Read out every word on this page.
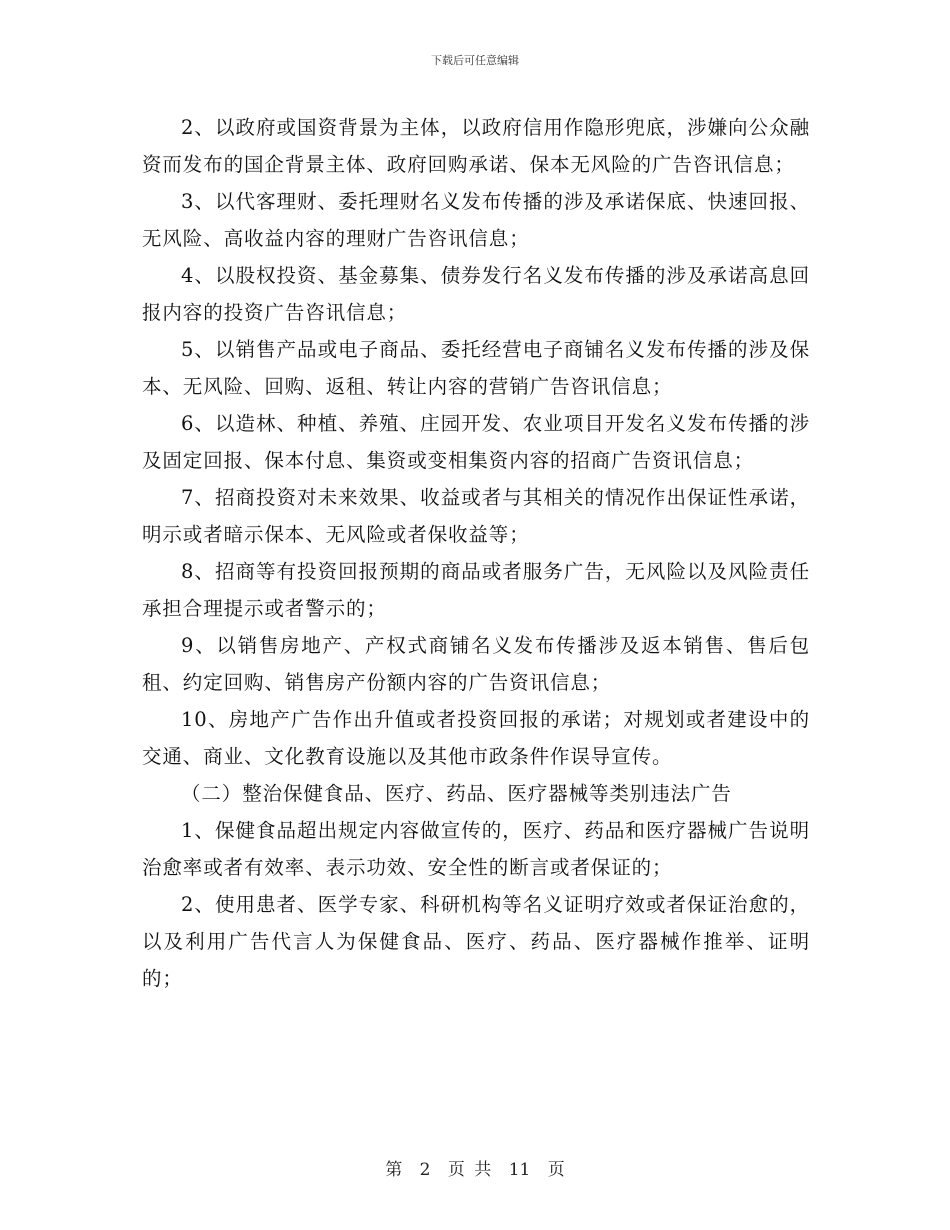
下载后可任意编辑

2、以政府或国资背景为主体，以政府信用作隐形兜底，涉嫌向公众融资而发布的国企背景主体、政府回购承诺、保本无风险的广告咨讯信息；

3、以代客理财、委托理财名义发布传播的涉及承诺保底、快速回报、无风险、高收益内容的理财广告咨讯信息；

4、以股权投资、基金募集、债券发行名义发布传播的涉及承诺高息回报内容的投资广告咨讯信息；

5、以销售产品或电子商品、委托经营电子商铺名义发布传播的涉及保本、无风险、回购、返租、转让内容的营销广告咨讯信息；

6、以造林、种植、养殖、庄园开发、农业项目开发名义发布传播的涉及固定回报、保本付息、集资或变相集资内容的招商广告资讯信息；

7、招商投资对未来效果、收益或者与其相关的情况作出保证性承诺，明示或者暗示保本、无风险或者保收益等；

8、招商等有投资回报预期的商品或者服务广告，无风险以及风险责任承担合理提示或者警示的；

9、以销售房地产、产权式商铺名义发布传播涉及返本销售、售后包租、约定回购、销售房产份额内容的广告资讯信息；

10、房地产广告作出升值或者投资回报的承诺；对规划或者建设中的交通、商业、文化教育设施以及其他市政条件作误导宣传。

（二）整治保健食品、医疗、药品、医疗器械等类别违法广告

1、保健食品超出规定内容做宣传的，医疗、药品和医疗器械广告说明治愈率或者有效率、表示功效、安全性的断言或者保证的；

2、使用患者、医学专家、科研机构等名义证明疗效或者保证治愈的，以及利用广告代言人为保健食品、医疗、药品、医疗器械作推举、证明的；

第 2 页 共 11 页
